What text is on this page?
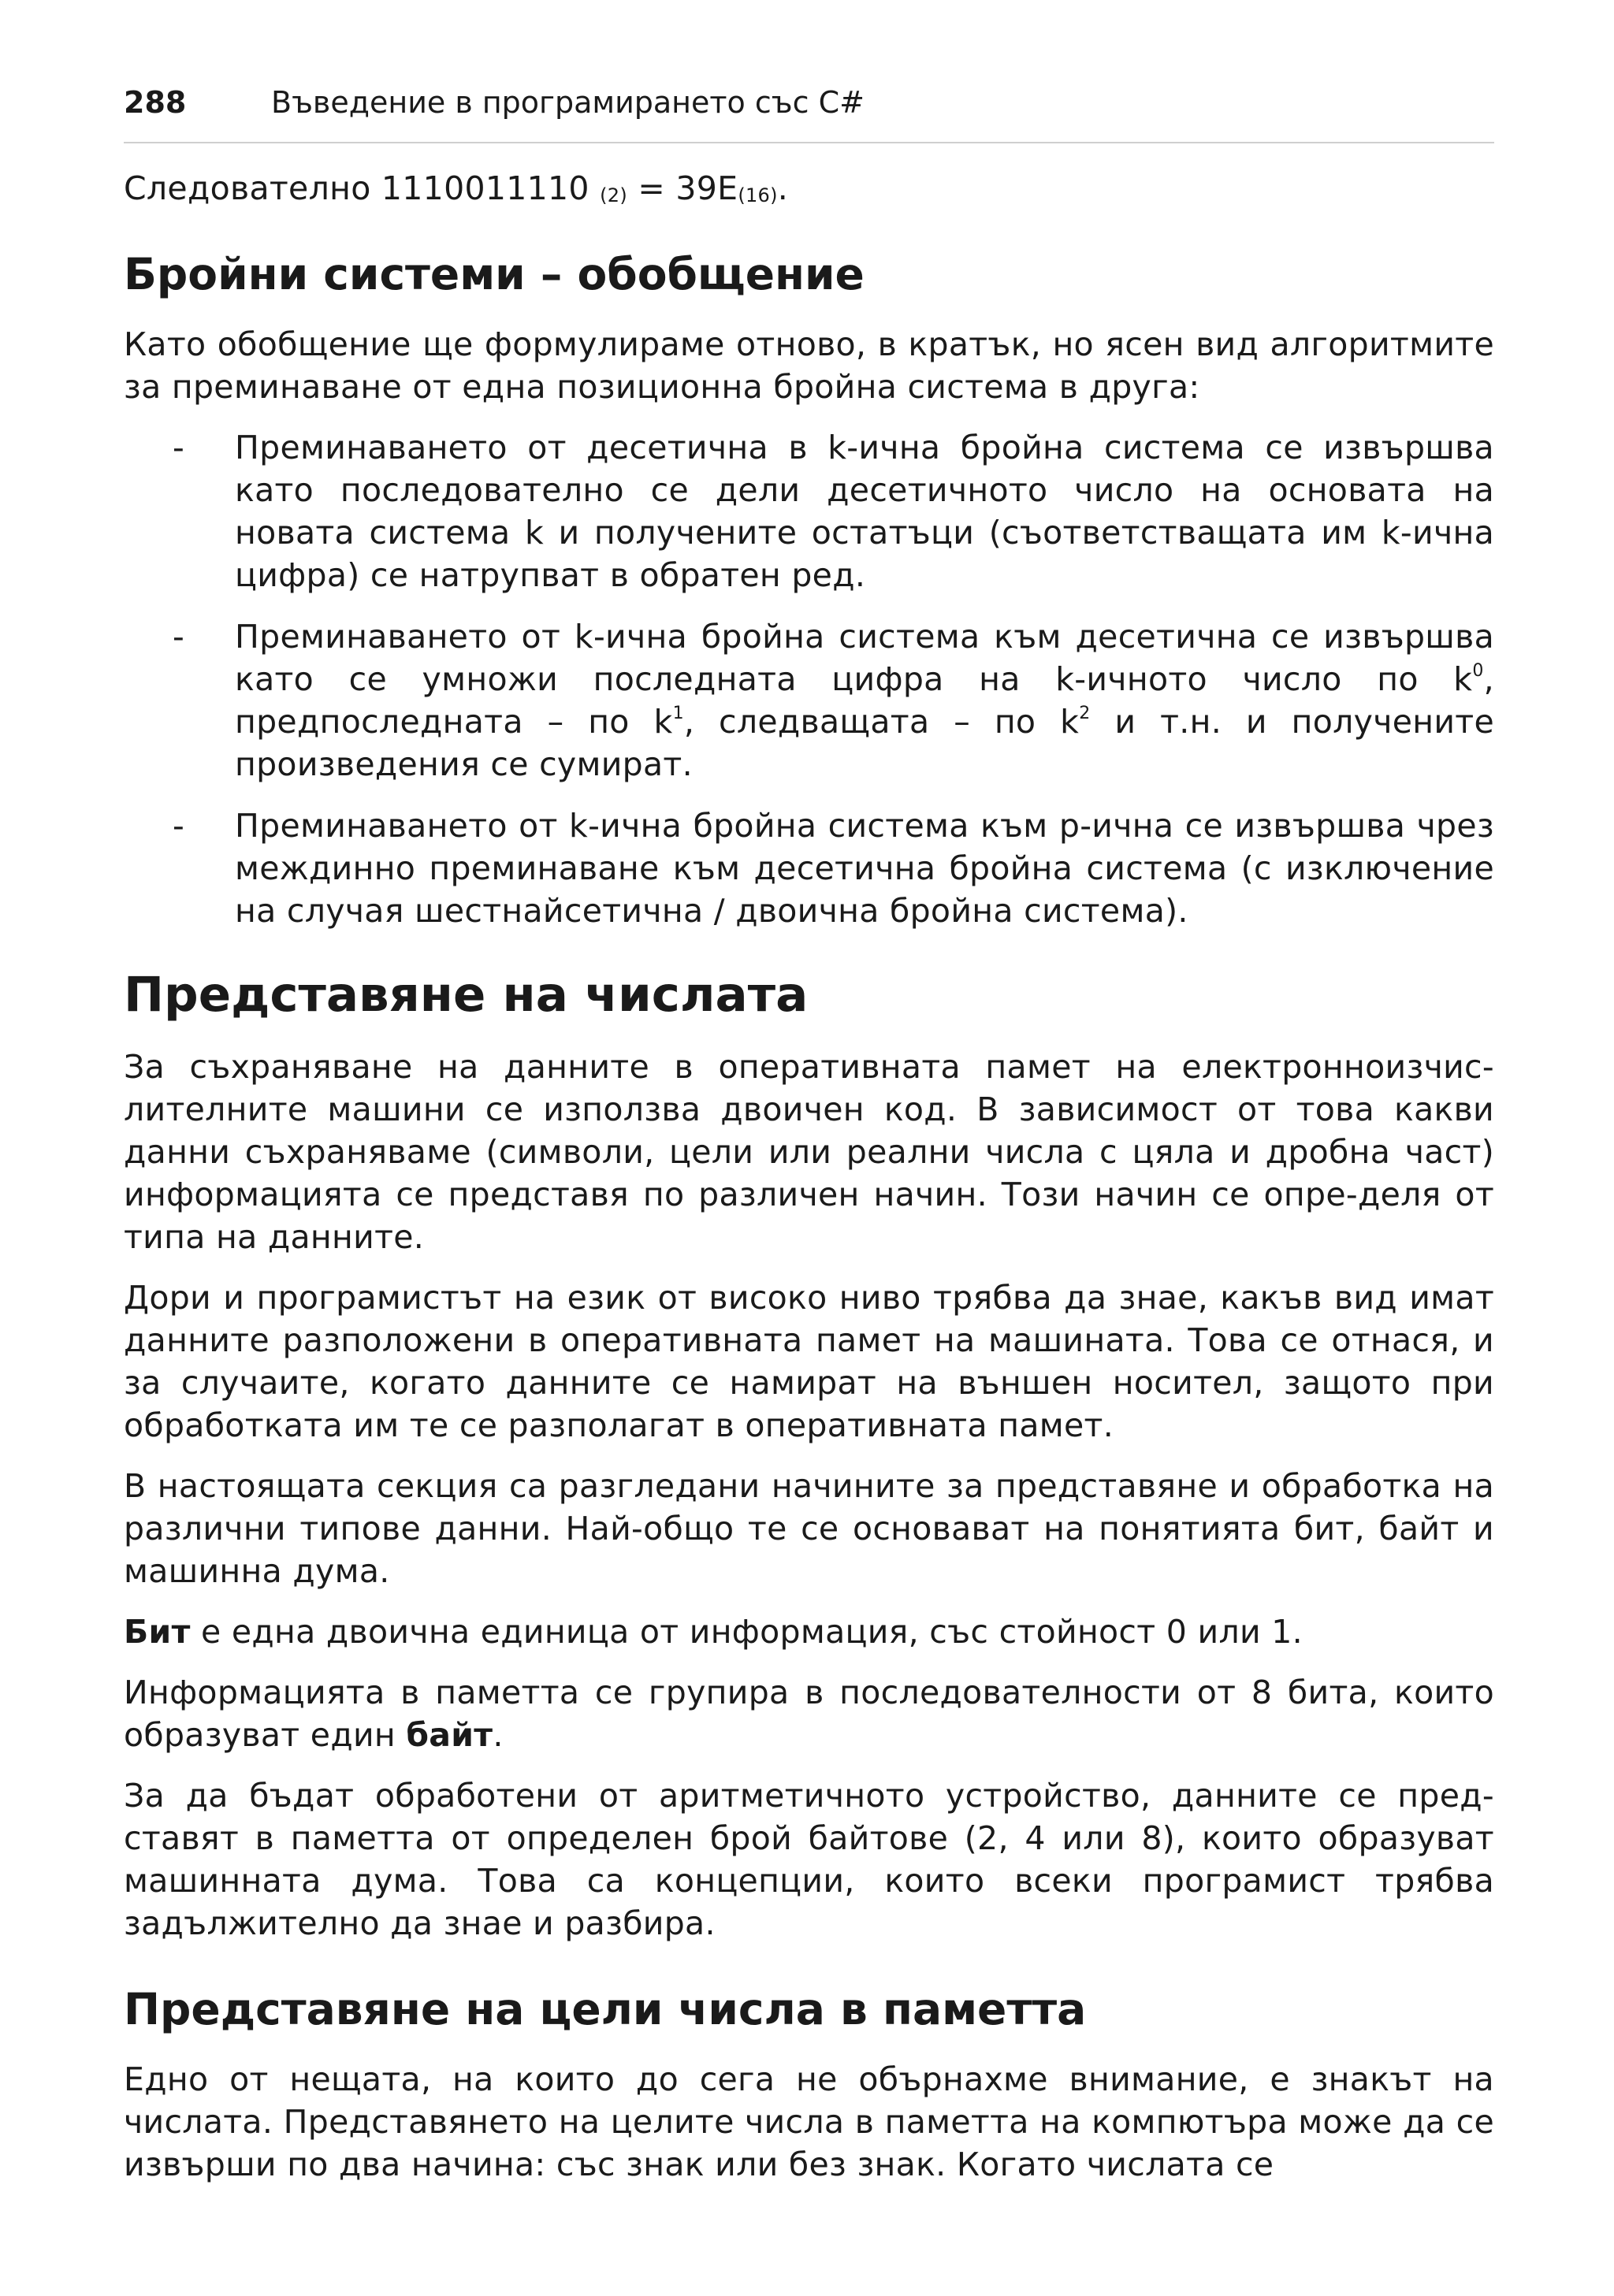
288	Въведение в програмирането със C#

Следователно 1110011110 $_{(2)} = 39E_{(16)}$.

Бройни системи – обобщение

Като обобщение ще формулираме отново, в кратък, но ясен вид алгоритмите за преминаване от една позиционна бройна система в друга:

- Преминаването от десетична в k-ична бройна система се извършва като последователно се дели десетичното число на основата на новата система k и получените остатъци (съответстващата им k-ична цифра) се натрупват в обратен ред.
- Преминаването от k-ична бройна система към десетична се извършва като се умножи последната цифра на k-ичното число по $k^0$, предпоследната – по $k^1$, следващата – по $k^2$ и т.н. и получените произведения се сумират.
- Преминаването от k-ична бройна система към p-ична се извършва чрез междинно преминаване към десетична бройна система (с изключение на случая шестнайсетична / двоична бройна система).
Представяне на числата

За съхраняване на данните в оперативната памет на електронноизчис-лителните машини се използва двоичен код. В зависимост от това какви данни съхраняваме (символи, цели или реални числа с цяла и дробна част) информацията се представя по различен начин. Този начин се опре-деля от типа на данните.

Дори и програмистът на език от високо ниво трябва да знае, какъв вид имат данните разположени в оперативната памет на машината. Това се отнася, и за случаите, когато данните се намират на външен носител, защото при обработката им те се разполагат в оперативната памет.

В настоящата секция са разгледани начините за представяне и обработка на различни типове данни. Най-общо те се основават на понятията бит, байт и машинна дума.

Бит е една двоична единица от информация, със стойност 0 или 1.

Информацията в паметта се групира в последователности от 8 бита, които образуват един байт.

За да бъдат обработени от аритметичното устройство, данните се пред-ставят в паметта от определен брой байтове (2, 4 или 8), които образуват машинната дума. Това са концепции, които всеки програмист трябва задължително да знае и разбира.

Представяне на цели числа в паметта

Едно от нещата, на които до сега не обърнахме внимание, е знакът на числата. Представянето на целите числа в паметта на компютъра може да се извърши по два начина: със знак или без знак. Когато числата се
